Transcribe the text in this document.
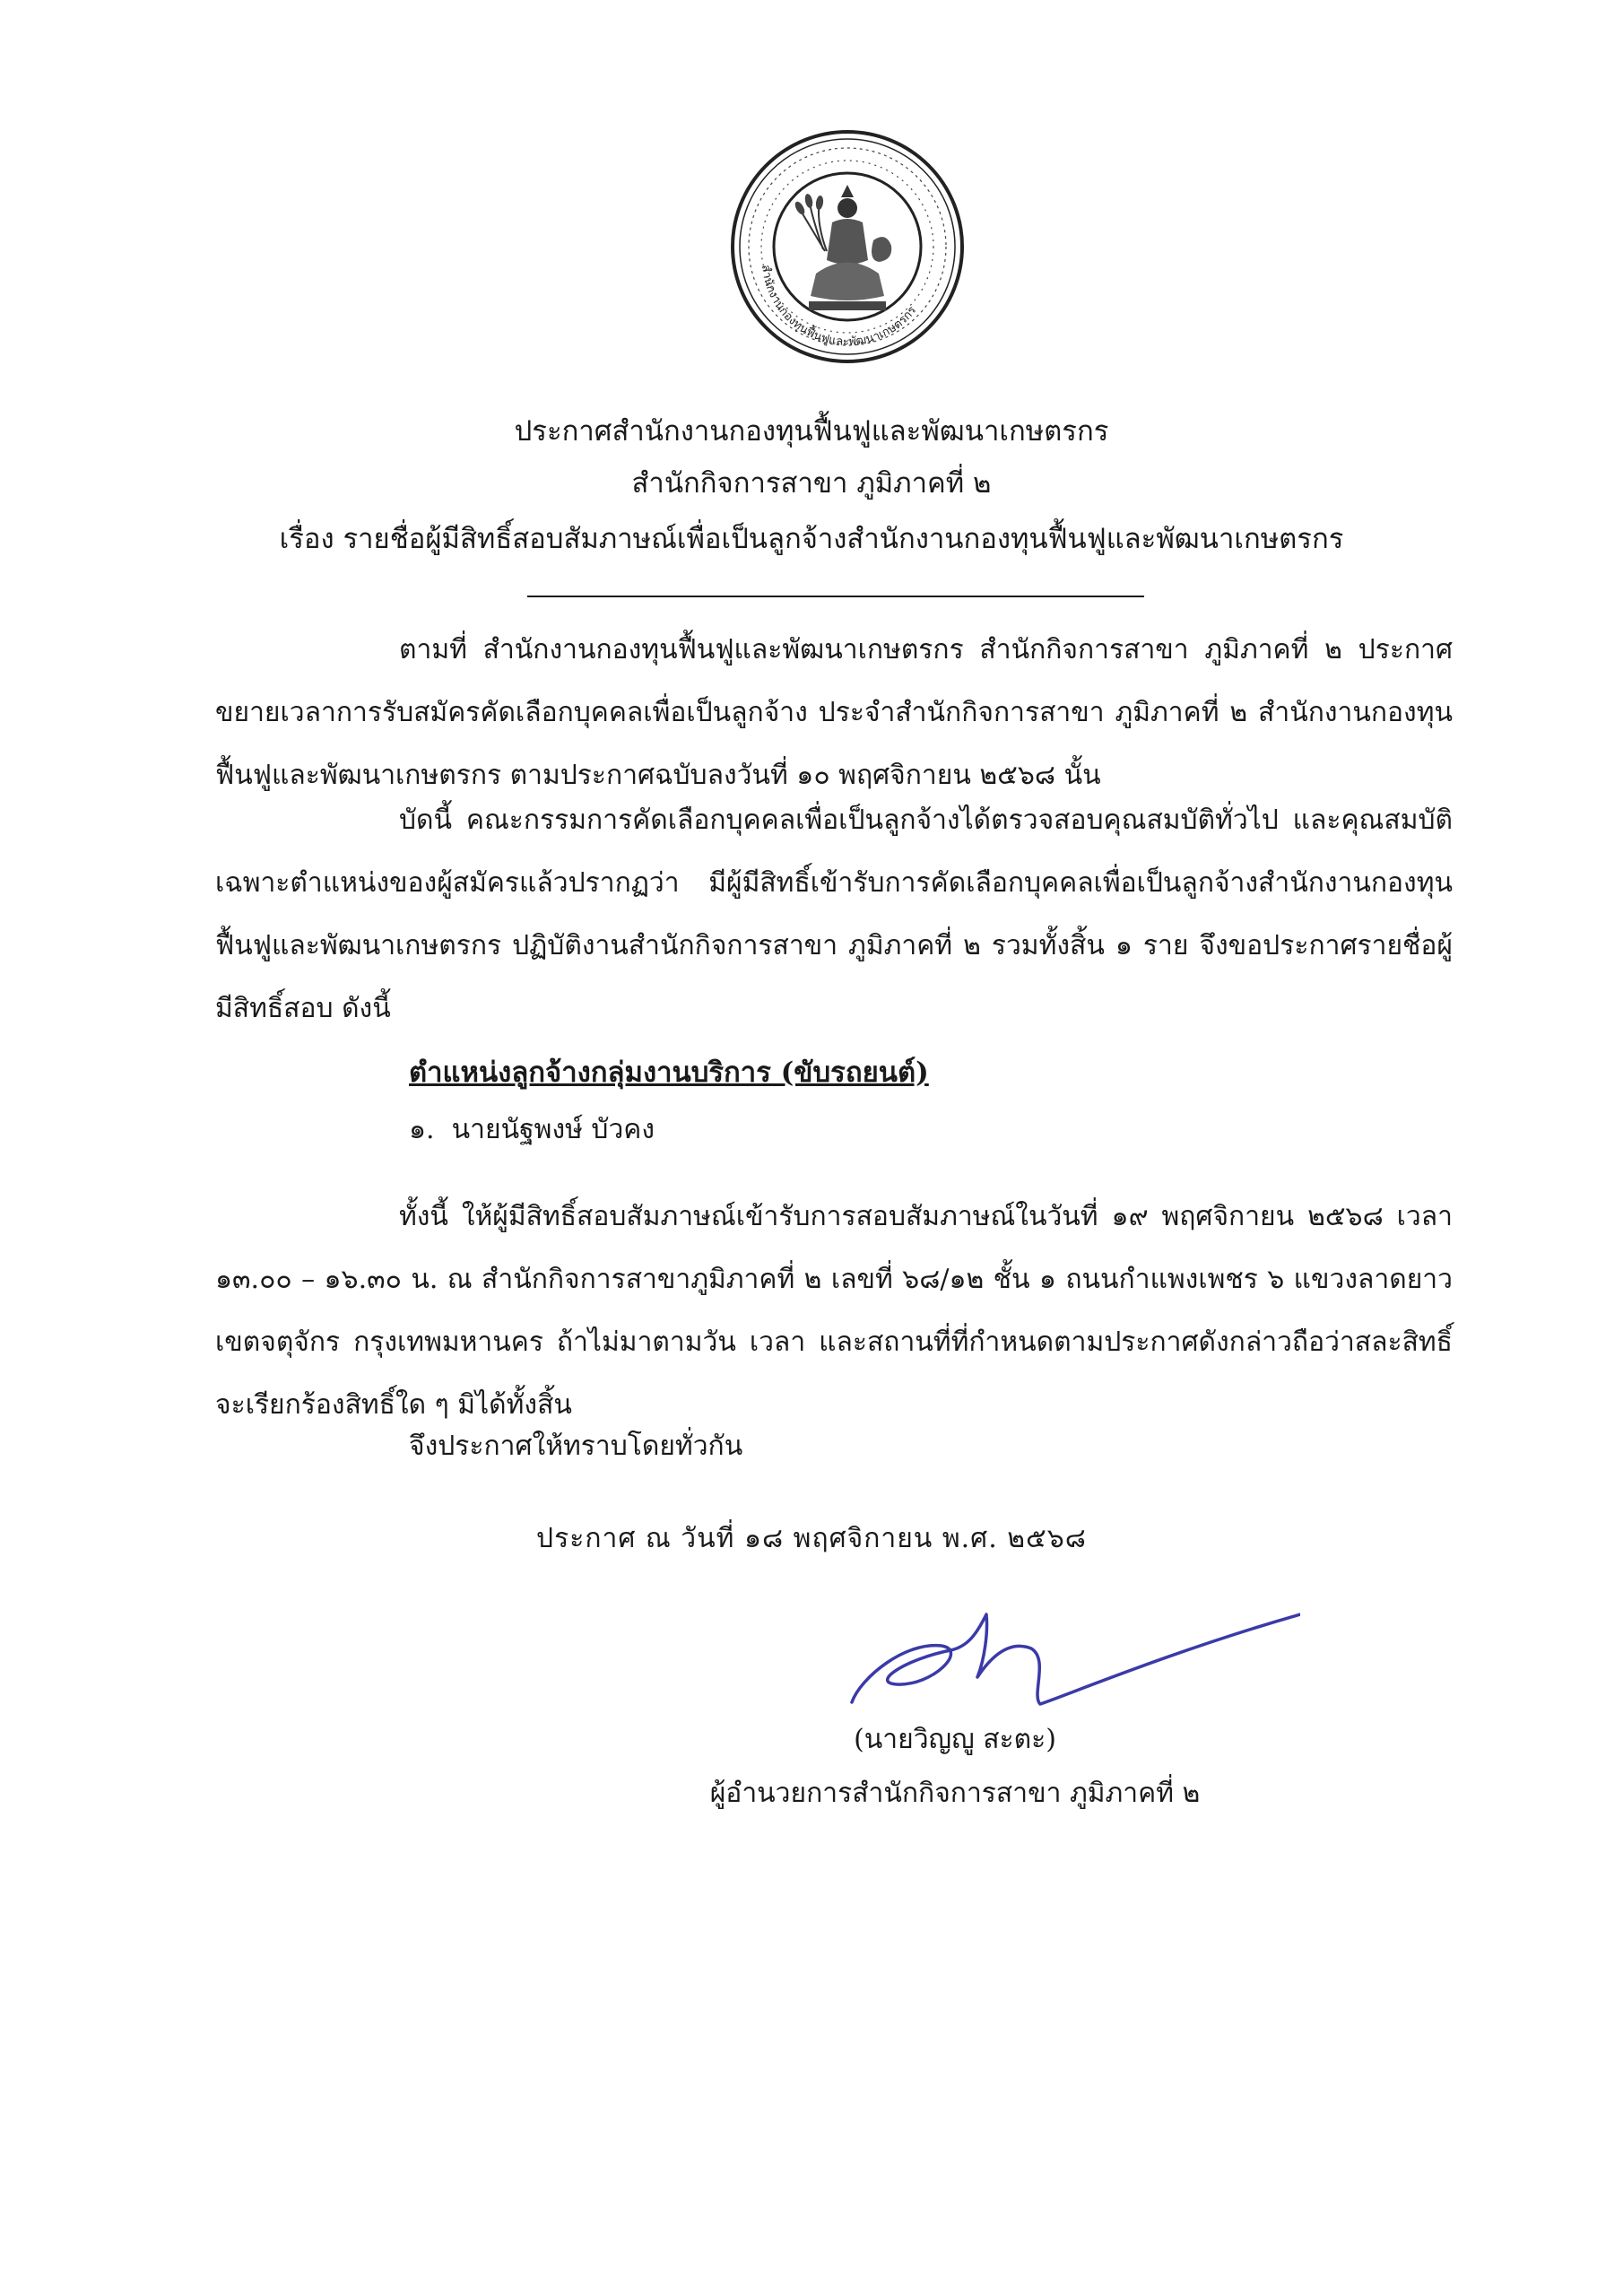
สำนักงานกองทุนฟื้นฟูและพัฒนาเกษตรกร
ประกาศสำนักงานกองทุนฟื้นฟูและพัฒนาเกษตรกร
สำนักกิจการสาขา ภูมิภาคที่ ๒
เรื่อง รายชื่อผู้มีสิทธิ์สอบสัมภาษณ์เพื่อเป็นลูกจ้างสำนักงานกองทุนฟื้นฟูและพัฒนาเกษตรกร
ตามที่ สำนักงานกองทุนฟื้นฟูและพัฒนาเกษตรกร สำนักกิจการสาขา ภูมิภาคที่ ๒ ประกาศขยายเวลาการรับสมัครคัดเลือกบุคคลเพื่อเป็นลูกจ้าง ประจำสำนักกิจการสาขา ภูมิภาคที่ ๒ สำนักงานกองทุนฟื้นฟูและพัฒนาเกษตรกร ตามประกาศฉบับลงวันที่ ๑๐ พฤศจิกายน ๒๕๖๘ นั้น
บัดนี้ คณะกรรมการคัดเลือกบุคคลเพื่อเป็นลูกจ้างได้ตรวจสอบคุณสมบัติทั่วไป และคุณสมบัติเฉพาะตำแหน่งของผู้สมัครแล้วปรากฏว่า มีผู้มีสิทธิ์เข้ารับการคัดเลือกบุคคลเพื่อเป็นลูกจ้างสำนักงานกองทุนฟื้นฟูและพัฒนาเกษตรกร ปฏิบัติงานสำนักกิจการสาขา ภูมิภาคที่ ๒ รวมทั้งสิ้น ๑ ราย จึงขอประกาศรายชื่อผู้มีสิทธิ์สอบ ดังนี้
ตำแหน่งลูกจ้างกลุ่มงานบริการ (ขับรถยนต์)
๑. นายนัฐพงษ์ บัวคง
ทั้งนี้ ให้ผู้มีสิทธิ์สอบสัมภาษณ์เข้ารับการสอบสัมภาษณ์ในวันที่ ๑๙ พฤศจิกายน ๒๕๖๘ เวลา ๑๓.๐๐ – ๑๖.๓๐ น. ณ สำนักกิจการสาขาภูมิภาคที่ ๒ เลขที่ ๖๘/๑๒ ชั้น ๑ ถนนกำแพงเพชร ๖ แขวงลาดยาว เขตจตุจักร กรุงเทพมหานคร ถ้าไม่มาตามวัน เวลา และสถานที่ที่กำหนดตามประกาศดังกล่าวถือว่าสละสิทธิ์จะเรียกร้องสิทธิ์ใด ๆ มิได้ทั้งสิ้น
จึงประกาศให้ทราบโดยทั่วกัน
ประกาศ ณ วันที่ ๑๘ พฤศจิกายน พ.ศ. ๒๕๖๘
(นายวิญญู สะตะ)
ผู้อำนวยการสำนักกิจการสาขา ภูมิภาคที่ ๒
